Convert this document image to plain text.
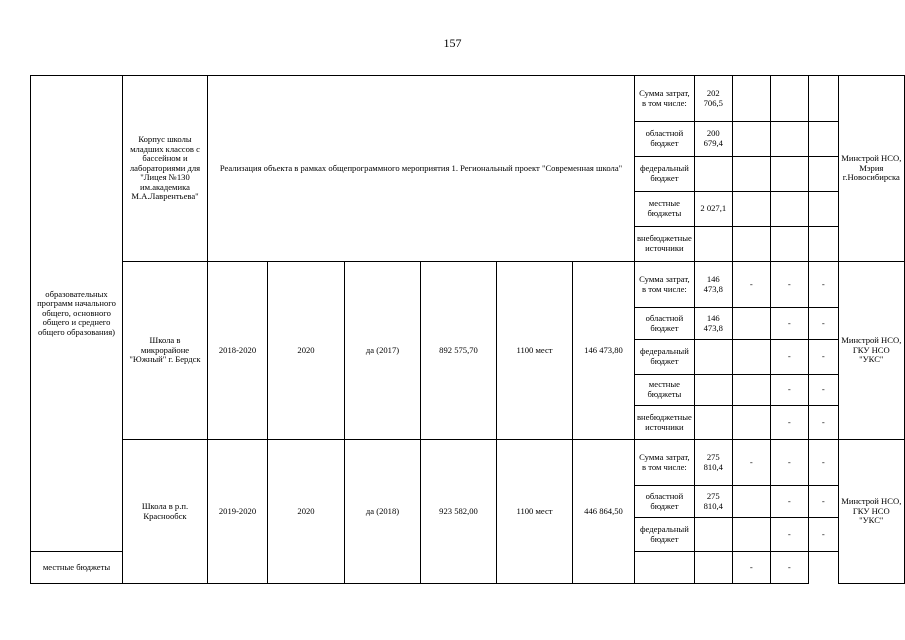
157
образовательных программ начального общего, основного общего и среднего общего образования)	Корпус школы младших классов с бассейном и лабораториями для "Лицея №130 им.академика М.А.Лаврентьева"	Реализация объекта в рамках общепрограммного мероприятия 1. Региональный проект "Современная школа"						Сумма затрат, в том числе:	202 706,5				Минстрой НСО, Мэрия г.Новосибирска
								областной бюджет	200 679,4				
								федеральный бюджет					
								местные бюджеты	2 027,1				
								внебюджетные источники					
	Школа в микрорайоне "Южный" г. Бердск	2018-2020	2020	да (2017)	892 575,70	1100 мест	146 473,80	Сумма затрат, в том числе:	146 473,8	-	-	-	Минстрой НСО, ГКУ НСО "УКС"
								областной бюджет	146 473,8		-	-	
								федеральный бюджет			-	-	
								местные бюджеты			-	-	
								внебюджетные источники			-	-	
	Школа в р.п. Краснообск	2019-2020	2020	да (2018)	923 582,00	1100 мест	446 864,50	Сумма затрат, в том числе:	275 810,4	-	-	-	Минстрой НСО, ГКУ НСО "УКС"
								областной бюджет	275 810,4		-	-	
								федеральный бюджет			-	-	
местные бюджеты										-	-		
